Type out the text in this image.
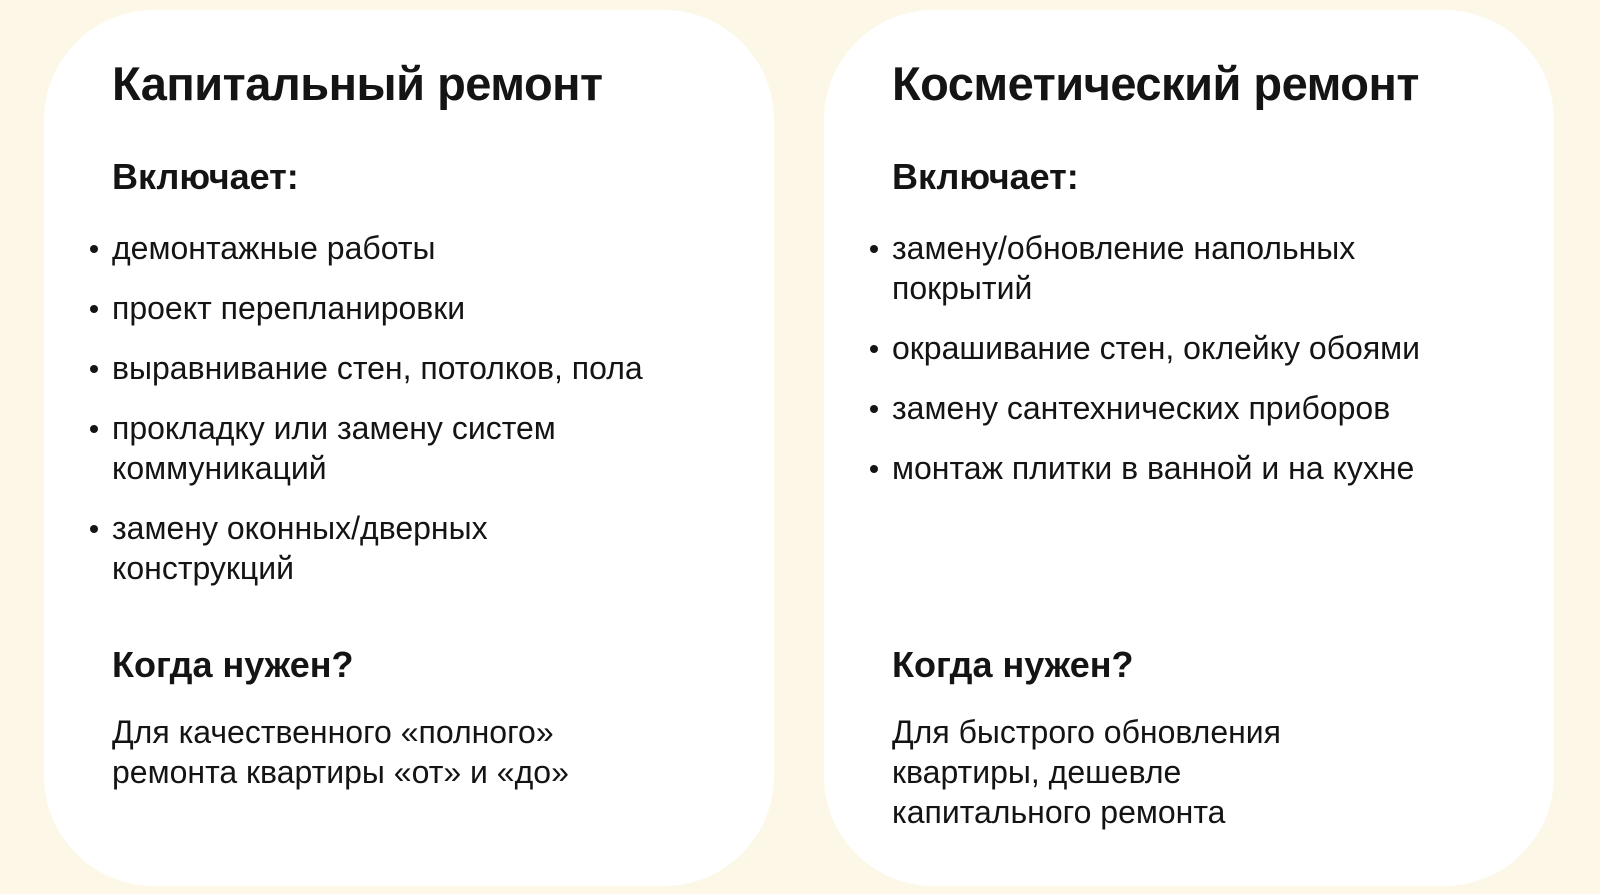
Капитальный ремонт
Включает:
демонтажные работы
проект перепланировки
выравнивание стен, потолков, пола
прокладку или замену систем коммуникаций
замену оконных/дверных конструкций
Когда нужен?

Для качественного «полного» ремонта квартиры «от» и «до»

Косметический ремонт
Включает:
замену/обновление напольных покрытий
окрашивание стен, оклейку обоями
замену сантехнических приборов
монтаж плитки в ванной и на кухне
Когда нужен?

Для быстрого обновления квартиры, дешевле капитального ремонта
